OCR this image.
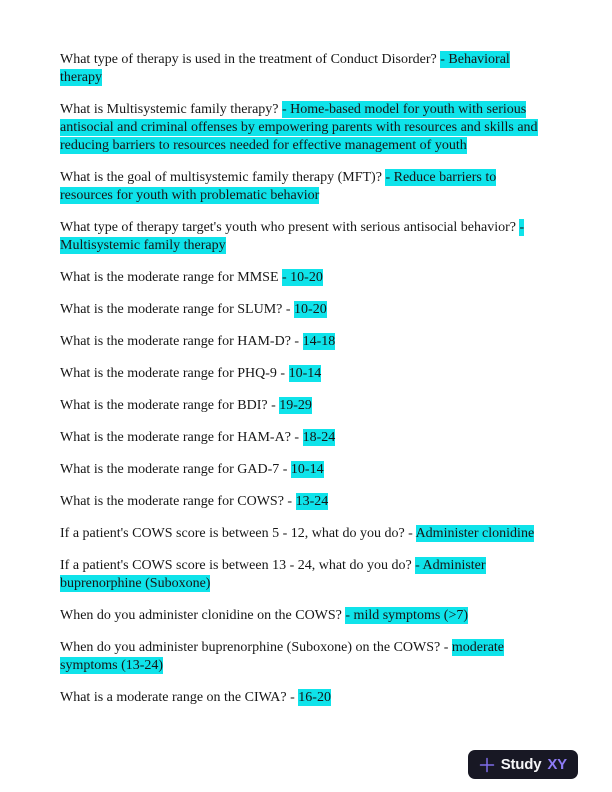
What type of therapy is used in the treatment of Conduct Disorder? - Behavioral therapy

What is Multisystemic family therapy? - Home-based model for youth with serious antisocial and criminal offenses by empowering parents with resources and skills and reducing barriers to resources needed for effective management of youth

What is the goal of multisystemic family therapy (MFT)? - Reduce barriers to resources for youth with problematic behavior

What type of therapy target's youth who present with serious antisocial behavior? - Multisystemic family therapy

What is the moderate range for MMSE - 10-20

What is the moderate range for SLUM? - 10-20

What is the moderate range for HAM-D? - 14-18

What is the moderate range for PHQ-9 - 10-14

What is the moderate range for BDI? - 19-29

What is the moderate range for HAM-A? - 18-24

What is the moderate range for GAD-7 - 10-14

What is the moderate range for COWS? - 13-24

If a patient's COWS score is between 5 - 12, what do you do? - Administer clonidine

If a patient's COWS score is between 13 - 24, what do you do? - Administer buprenorphine (Suboxone)

When do you administer clonidine on the COWS? - mild symptoms (>7)

When do you administer buprenorphine (Suboxone) on the COWS? - moderate symptoms (13-24)

What is a moderate range on the CIWA? - 16-20

Study XY
